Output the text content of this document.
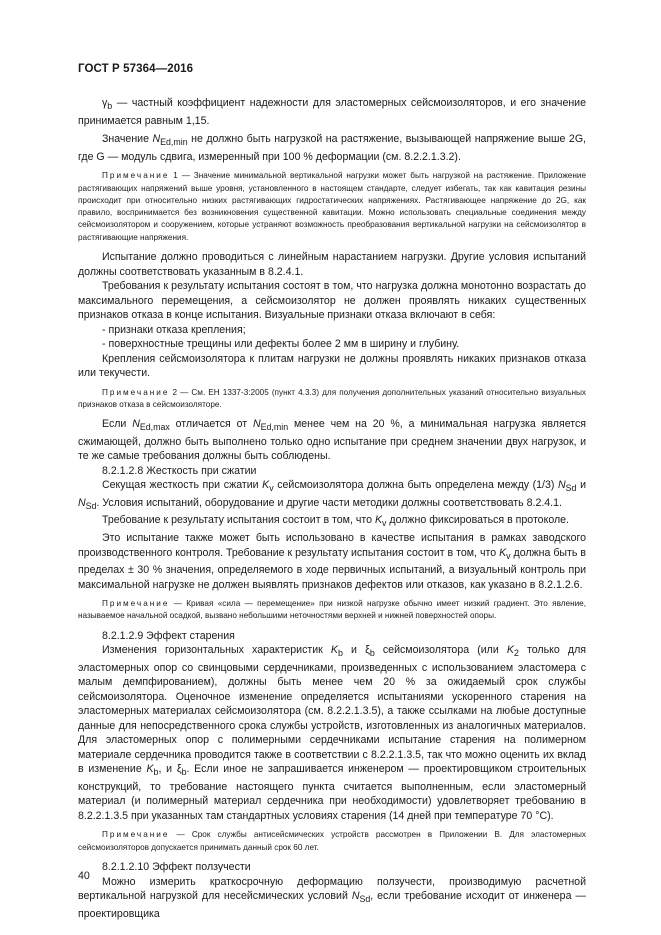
ГОСТ Р 57364—2016

$\gamma_b$ — частный коэффициент надежности для эластомерных сейсмоизоляторов, и его значение принимается равным 1,15.

Значение $N_{Ed,min}$ не должно быть нагрузкой на растяжение, вызывающей напряжение выше 2G, где G — модуль сдвига, измеренный при 100 % деформации (см. 8.2.2.1.3.2).

Примечание 1 — Значение минимальной вертикальной нагрузки может быть нагрузкой на растяжение. Приложение растягивающих напряжений выше уровня, установленного в настоящем стандарте, следует избегать, так как кавитация резины происходит при относительно низких растягивающих гидростатических напряжениях. Растягивающее напряжение до 2G, как правило, воспринимается без возникновения существенной кавитации. Можно использовать специальные соединения между сейсмоизолятором и сооружением, которые устраняют возможность преобразования вертикальной нагрузки на сейсмоизолятор в растягивающие напряжения.

Испытание должно проводиться с линейным нарастанием нагрузки. Другие условия испытаний должны соответствовать указанным в 8.2.4.1.

Требования к результату испытания состоят в том, что нагрузка должна монотонно возрастать до максимального перемещения, а сейсмоизолятор не должен проявлять никаких существенных признаков отказа в конце испытания. Визуальные признаки отказа включают в себя:

- признаки отказа крепления;

- поверхностные трещины или дефекты более 2 мм в ширину и глубину.

Крепления сейсмоизолятора к плитам нагрузки не должны проявлять никаких признаков отказа или текучести.

Примечание 2 — См. ЕН 1337-3:2005 (пункт 4.3.3) для получения дополнительных указаний относительно визуальных признаков отказа в сейсмоизоляторе.

Если $N_{Ed,max}$ отличается от $N_{Ed,min}$ менее чем на 20 %, а минимальная нагрузка является сжимающей, должно быть выполнено только одно испытание при среднем значении двух нагрузок, и те же самые требования должны быть соблюдены.

8.2.1.2.8 Жесткость при сжатии

Секущая жесткость при сжатии $K_v$ сейсмоизолятора должна быть определена между (1/3) $N_{Sd}$ и $N_{Sd}$. Условия испытаний, оборудование и другие части методики должны соответствовать 8.2.4.1.

Требование к результату испытания состоит в том, что $K_v$ должно фиксироваться в протоколе.

Это испытание также может быть использовано в качестве испытания в рамках заводского производственного контроля. Требование к результату испытания состоит в том, что $K_v$ должна быть в пределах ± 30 % значения, определяемого в ходе первичных испытаний, а визуальный контроль при максимальной нагрузке не должен выявлять признаков дефектов или отказов, как указано в 8.2.1.2.6.

Примечание — Кривая «сила — перемещение» при низкой нагрузке обычно имеет низкий градиент. Это явление, называемое начальной осадкой, вызвано небольшими неточностями верхней и нижней поверхностей опоры.

8.2.1.2.9 Эффект старения

Изменения горизонтальных характеристик $K_b$ и $\xi_b$ сейсмоизолятора (или $K_2$ только для эластомерных опор со свинцовыми сердечниками, произведенных с использованием эластомера с малым демпфированием), должны быть менее чем 20 % за ожидаемый срок службы сейсмоизолятора. Оценочное изменение определяется испытаниями ускоренного старения на эластомерных материалах сейсмоизолятора (см. 8.2.2.1.3.5), а также ссылками на любые доступные данные для непосредственного срока службы устройств, изготовленных из аналогичных материалов. Для эластомерных опор с полимерными сердечниками испытание старения на полимерном материале сердечника проводится также в соответствии с 8.2.2.1.3.5, так что можно оценить их вклад в изменение $K_b$, и $\xi_b$. Если иное не запрашивается инженером — проектировщиком строительных конструкций, то требование настоящего пункта считается выполненным, если эластомерный материал (и полимерный материал сердечника при необходимости) удовлетворяет требованию в 8.2.2.1.3.5 при указанных там стандартных условиях старения (14 дней при температуре 70 °С).

Примечание — Срок службы антисейсмических устройств рассмотрен в Приложении В. Для эластомерных сейсмоизоляторов допускается принимать данный срок 60 лет.

8.2.1.2.10 Эффект ползучести

Можно измерить краткосрочную деформацию ползучести, производимую расчетной вертикальной нагрузкой для несейсмических условий $N_{Sd}$, если требование исходит от инженера — проектировщика

40
